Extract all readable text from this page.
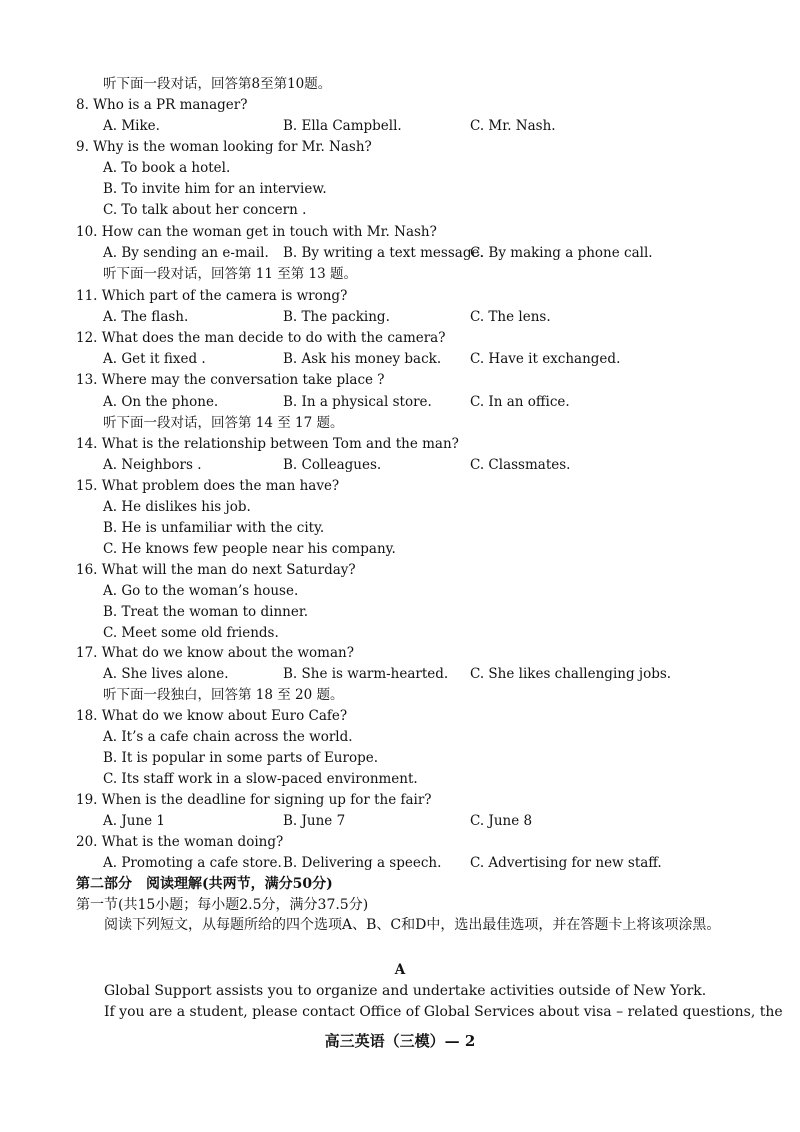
听下面一段对话，回答第8至第10题。
8. Who is a PR manager?
A. Mike.	B. Ella Campbell.	C. Mr. Nash.
9. Why is the woman looking for Mr. Nash?
A. To book a hotel.
B. To invite him for an interview.
C. To talk about her concern .
10. How can the woman get in touch with Mr. Nash?
A. By sending an e-mail. B. By writing a text message.
C. By making a phone call.
听下面一段对话，回答第 11 至第 13 题。
11. Which part of the camera is wrong?
A. The flash.	B. The packing.	C. The lens.
12. What does the man decide to do with the camera?
A. Get it fixed .	B. Ask his money back. C. Have it exchanged.
13. Where may the conversation take place ?
A. On the phone.	B. In a physical store.	C. In an office.
听下面一段对话，回答第 14 至 17 题。
14. What is the relationship between Tom and the man?
A. Neighbors .	B. Colleagues.	C. Classmates.
15. What problem does the man have?
A. He dislikes his job.
B. He is unfamiliar with the city.
C. He knows few people near his company.
16. What will the man do next Saturday?
A. Go to the woman’s house.
B. Treat the woman to dinner.
C. Meet some old friends.
17. What do we know about the woman?
A. She lives alone.	B. She is warm-hearted. C. She likes challenging jobs.
听下面一段独白，回答第 18 至 20 题。
18. What do we know about Euro Cafe?
A. It’s a cafe chain across the world.
B. It is popular in some parts of Europe.
C. Its staff work in a slow-paced environment.
19. When is the deadline for signing up for the fair?
A. June 1	B. June 7	C. June 8
20. What is the woman doing?
A. Promoting a cafe store. B. Delivering a speech. C. Advertising for new staff.
第二部分　阅读理解(共两节，满分50分)
第一节(共15小题；每小题2.5分，满分37.5分)
阅读下列短文，从每题所给的四个选项A、B、C和D中，选出最佳选项，并在答题卡上将该项涂黑。
A
Global Support assists you to organize and undertake activities outside of New York.
If you are a student, please contact Office of Global Services about visa – related questions, the
高三英语（三模）— 2
